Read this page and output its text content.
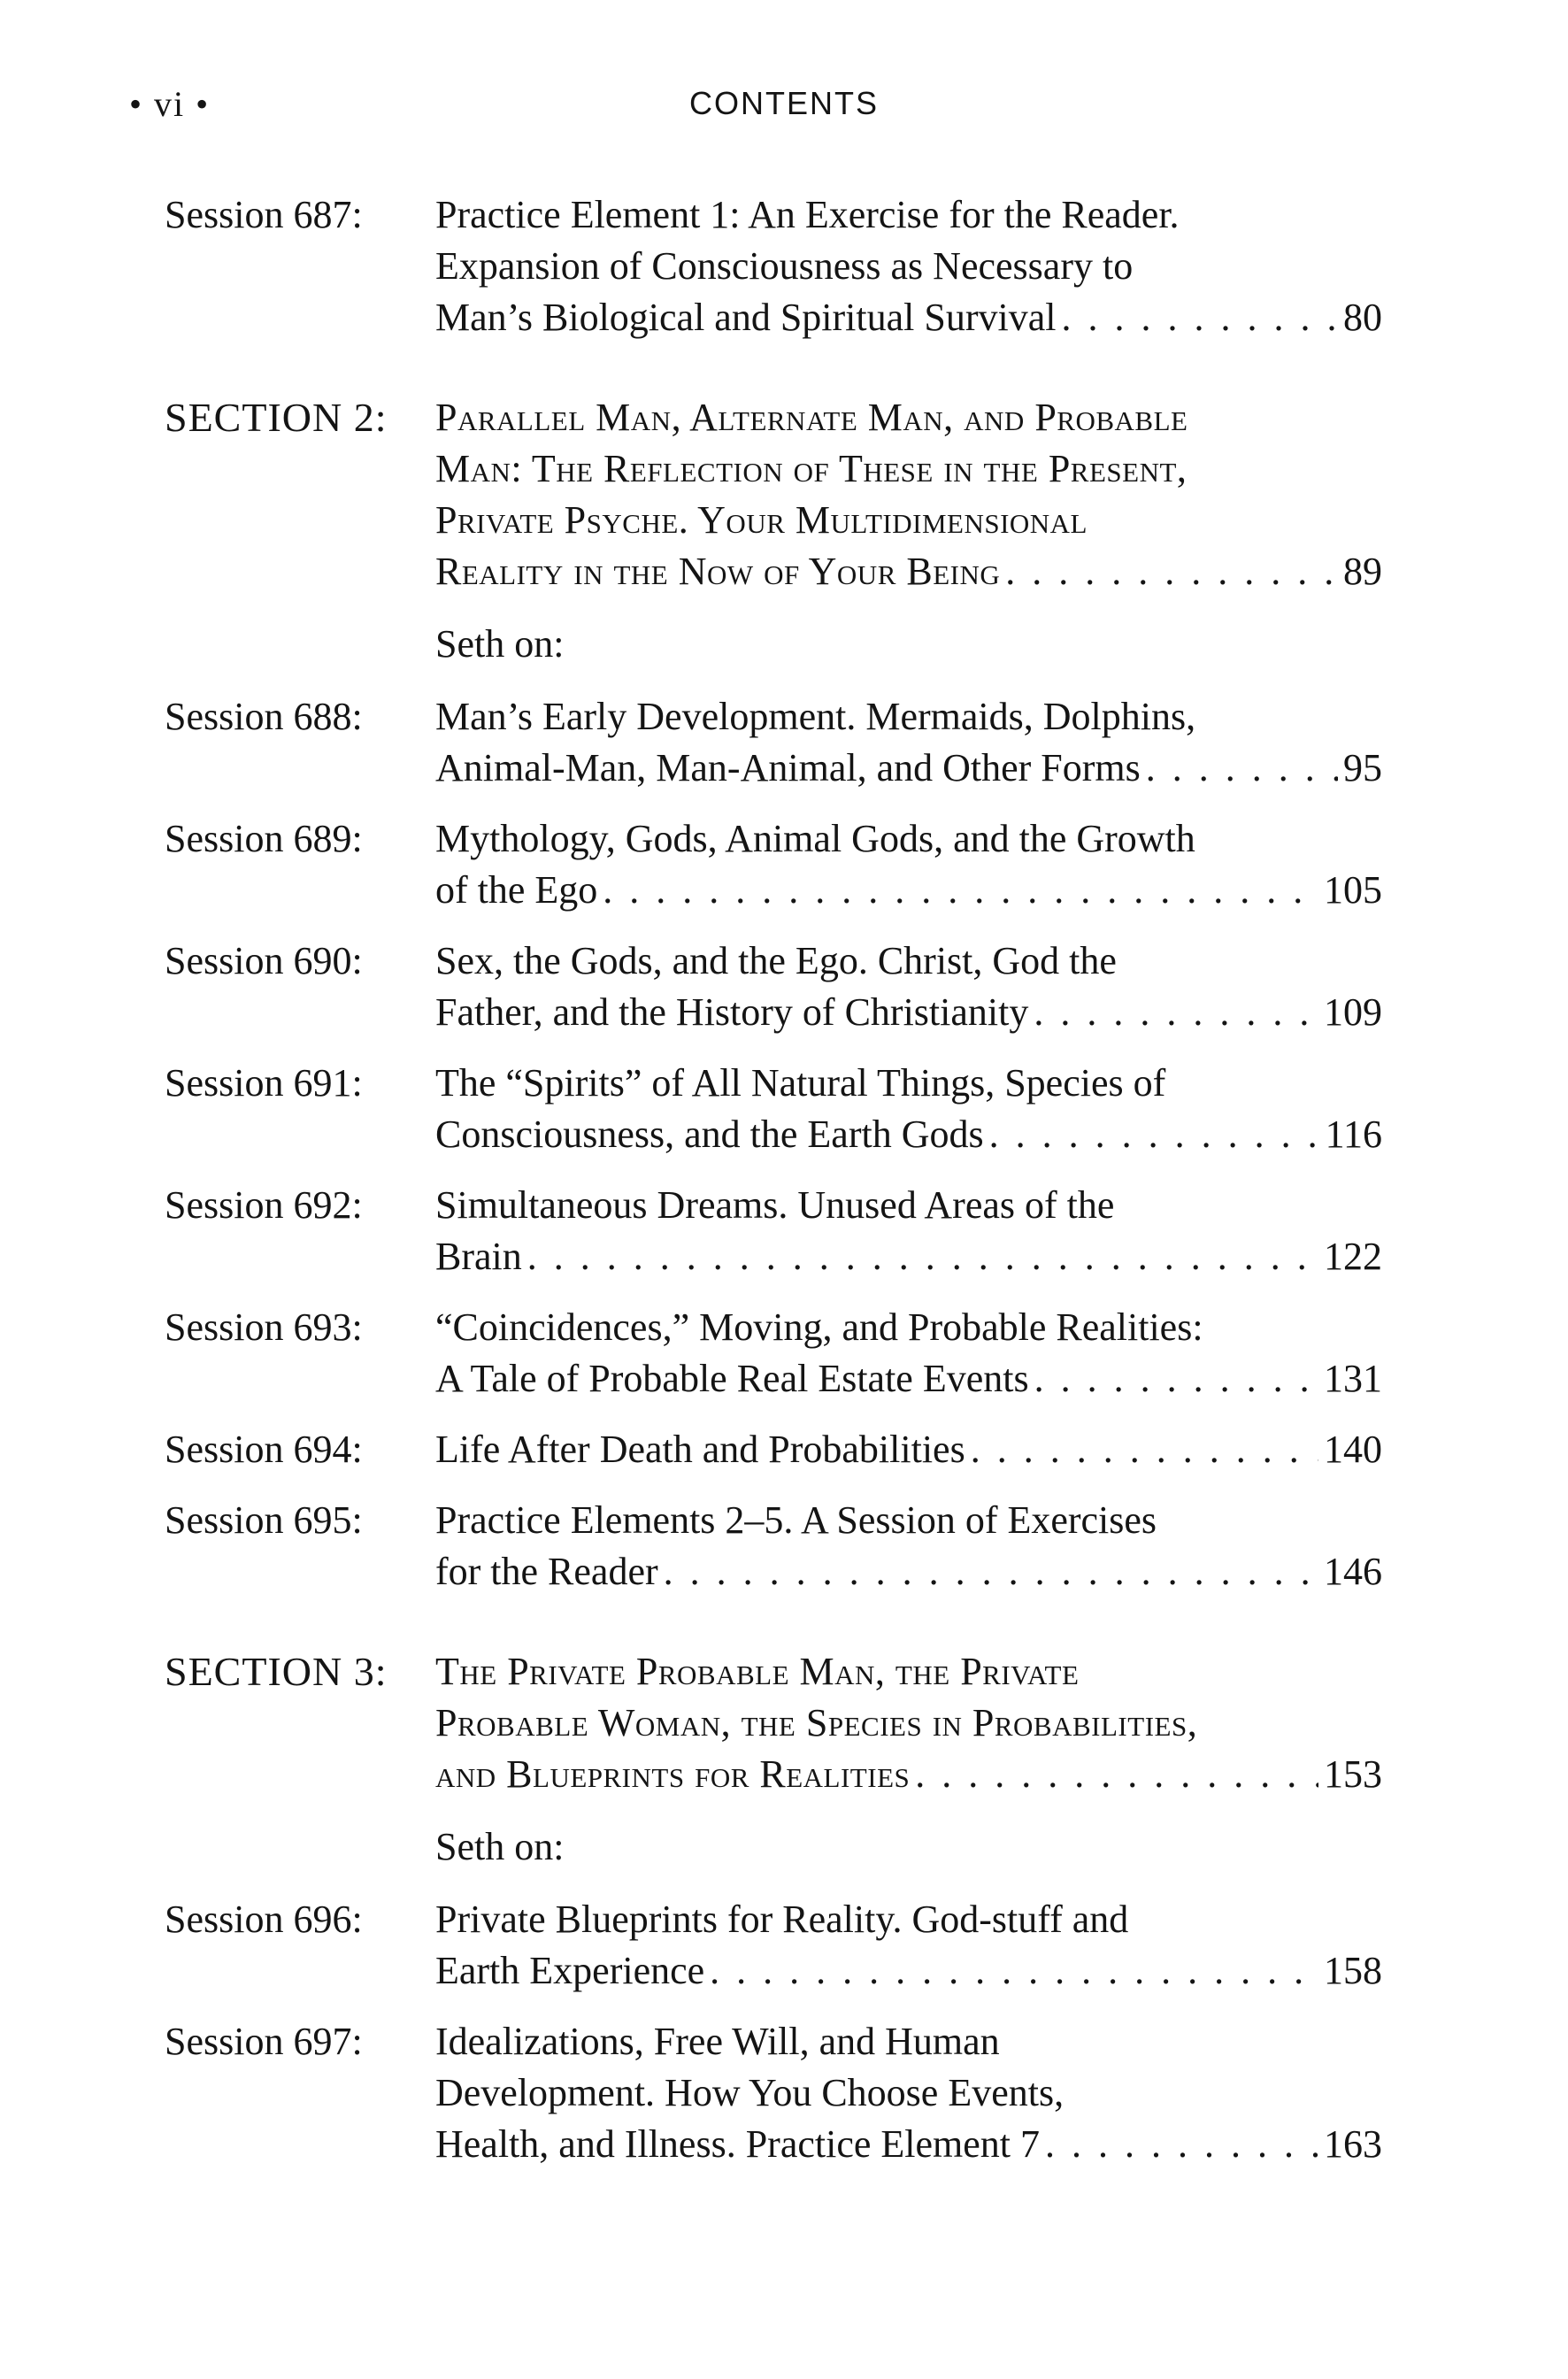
• vi •	CONTENTS
Session 687:	Practice Element 1: An Exercise for the Reader.
Expansion of Consciousness as Necessary to
Man’s Biological and Spiritual Survival . . .	80
SECTION 2:	Parallel Man, Alternate Man, and Probable
Man: The Reflection of These in the Present,
Private Psyche. Your Multidimensional
Reality in the Now of Your Being . . .	89
Seth on:
Session 688:	Man’s Early Development. Mermaids, Dolphins,
Animal-Man, Man-Animal, and Other Forms . . .	95
Session 689:	Mythology, Gods, Animal Gods, and the Growth
of the Ego . . .	105
Session 690:	Sex, the Gods, and the Ego. Christ, God the
Father, and the History of Christianity . . .	109
Session 691:	The “Spirits” of All Natural Things, Species of
Consciousness, and the Earth Gods . . .	116
Session 692:	Simultaneous Dreams. Unused Areas of the
Brain . . .	122
Session 693:	“Coincidences,” Moving, and Probable Realities:
A Tale of Probable Real Estate Events . . .	131
Session 694:	Life After Death and Probabilities . . .	140
Session 695:	Practice Elements 2–5. A Session of Exercises
for the Reader . . .	146
SECTION 3:	The Private Probable Man, the Private
Probable Woman, the Species in Probabilities,
and Blueprints for Realities . . .	153
Seth on:
Session 696:	Private Blueprints for Reality. God-stuff and
Earth Experience . . .	158
Session 697:	Idealizations, Free Will, and Human
Development. How You Choose Events,
Health, and Illness. Practice Element 7 . . .	163
